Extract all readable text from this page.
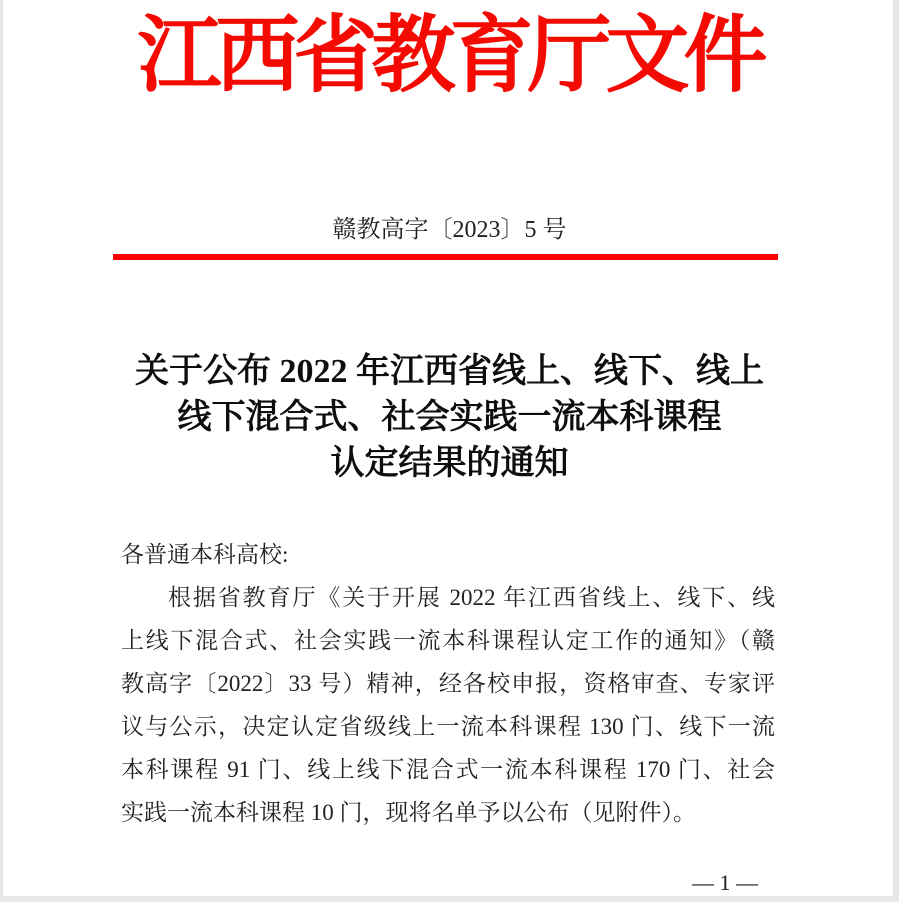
江西省教育厅文件
赣教高字〔2023〕5 号
关于公布 2022 年江西省线上、线下、线上
线下混合式、社会实践一流本科课程
认定结果的通知
各普通本科高校:
根据省教育厅《关于开展 2022 年江西省线上、线下、线
上线下混合式、社会实践一流本科课程认定工作的通知》（赣
教高字〔2022〕33 号）精神，经各校申报，资格审查、专家评
议与公示，决定认定省级线上一流本科课程 130 门、线下一流
本科课程 91 门、线上线下混合式一流本科课程 170 门、社会
实践一流本科课程 10 门，现将名单予以公布（见附件）。
— 1 —
